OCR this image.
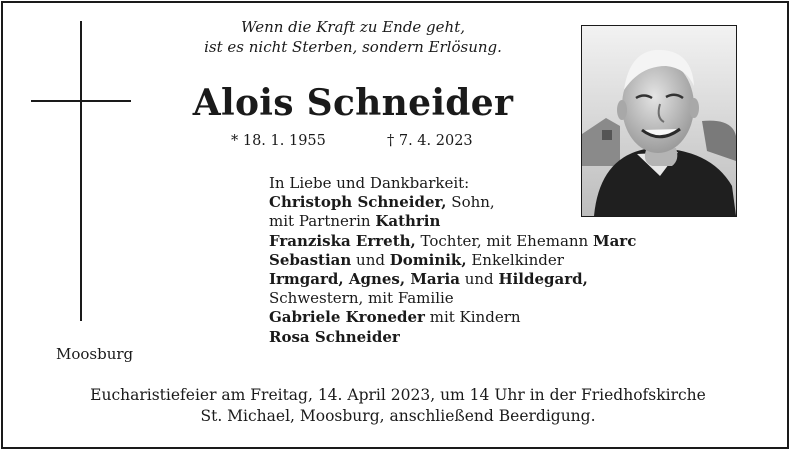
Wenn die Kraft zu Ende geht,
ist es nicht Sterben, sondern Erlösung.
Alois Schneider
* 18. 1. 1955	† 7. 4. 2023
In Liebe und Dankbarkeit:
Christoph Schneider, Sohn,
mit Partnerin Kathrin
Franziska Erreth, Tochter, mit Ehemann Marc
Sebastian und Dominik, Enkelkinder
Irmgard, Agnes, Maria und Hildegard,
Schwestern, mit Familie
Gabriele Kroneder mit Kindern
Rosa Schneider
Moosburg
Eucharistiefeier am Freitag, 14. April 2023, um 14 Uhr in der Friedhofskirche
St. Michael, Moosburg, anschließend Beerdigung.
